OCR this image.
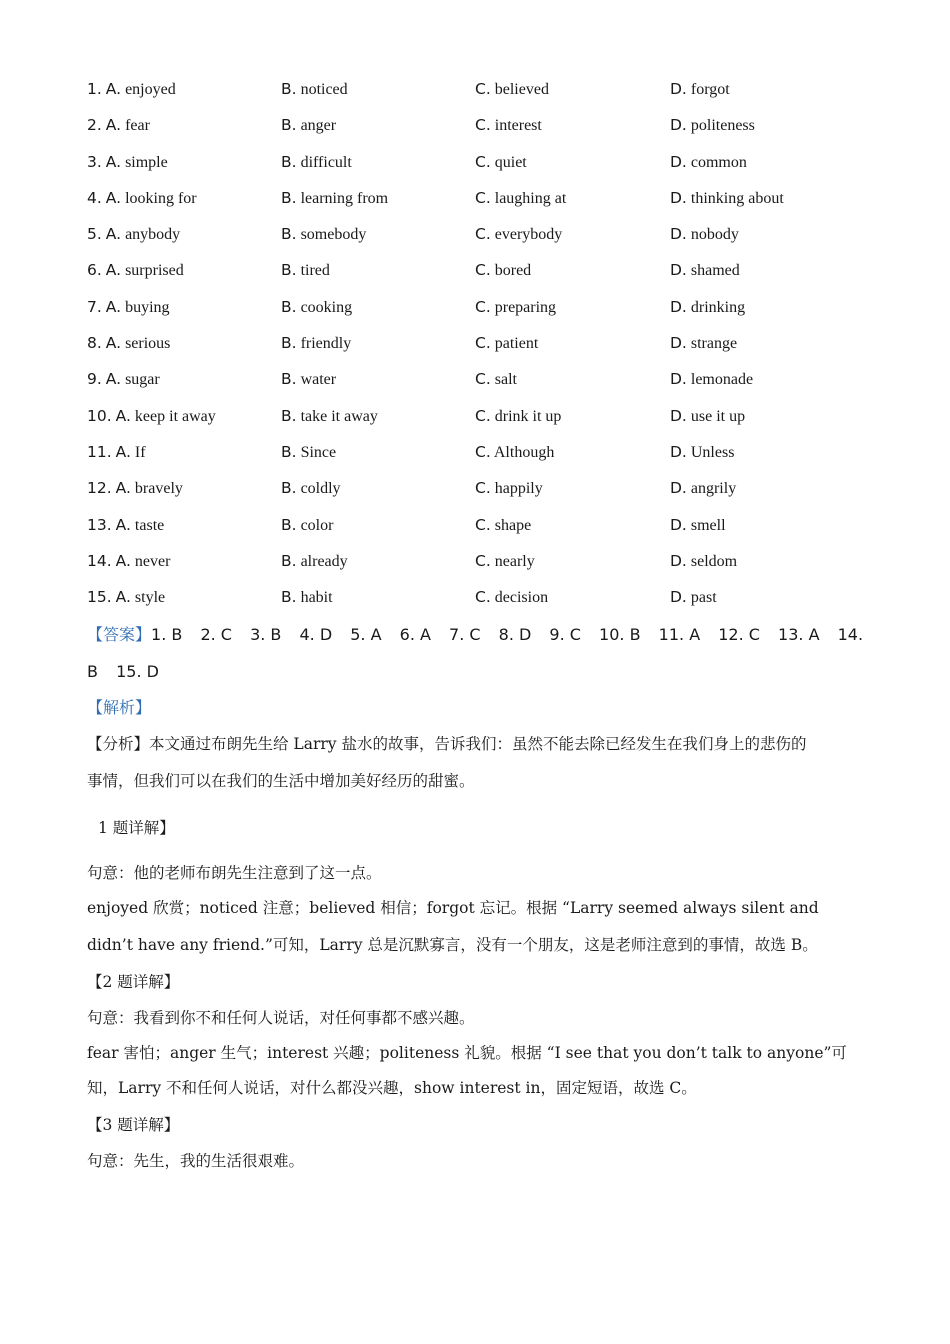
1. A. enjoyed	B. noticed	C. believed	D. forgot
2. A. fear	B. anger	C. interest	D. politeness
3. A. simple	B. difficult	C. quiet	D. common
4. A. looking for	B. learning from	C. laughing at	D. thinking about
5. A. anybody	B. somebody	C. everybody	D. nobody
6. A. surprised	B. tired	C. bored	D. shamed
7. A. buying	B. cooking	C. preparing	D. drinking
8. A. serious	B. friendly	C. patient	D. strange
9. A. sugar	B. water	C. salt	D. lemonade
10. A. keep it away	B. take it away	C. drink it up	D. use it up
11. A. If	B. Since	C. Although	D. Unless
12. A. bravely	B. coldly	C. happily	D. angrily
13. A. taste	B. color	C. shape	D. smell
14. A. never	B. already	C. nearly	D. seldom
15. A. style	B. habit	C. decision	D. past
【答案】1. B 2. C 3. B 4. D 5. A 6. A 7. C 8. D 9. C 10. B 11. A 12. C 13. A 14. B 15. D
【解析】
【分析】本文通过布朗先生给 Larry 盐水的故事，告诉我们：虽然不能去除已经发生在我们身上的悲伤的
事情，但我们可以在我们的生活中增加美好经历的甜蜜。
1 题详解】
句意：他的老师布朗先生注意到了这一点。
enjoyed 欣赏；noticed 注意；believed 相信；forgot 忘记。根据 “Larry seemed always silent and
didn’t have any friend.”可知，Larry 总是沉默寡言，没有一个朋友，这是老师注意到的事情，故选 B。
【2 题详解】
句意：我看到你不和任何人说话，对任何事都不感兴趣。
fear 害怕；anger 生气；interest 兴趣；politeness 礼貌。根据 “I see that you don’t talk to anyone”可
知，Larry 不和任何人说话，对什么都没兴趣，show interest in，固定短语，故选 C。
【3 题详解】
句意：先生，我的生活很艰难。
